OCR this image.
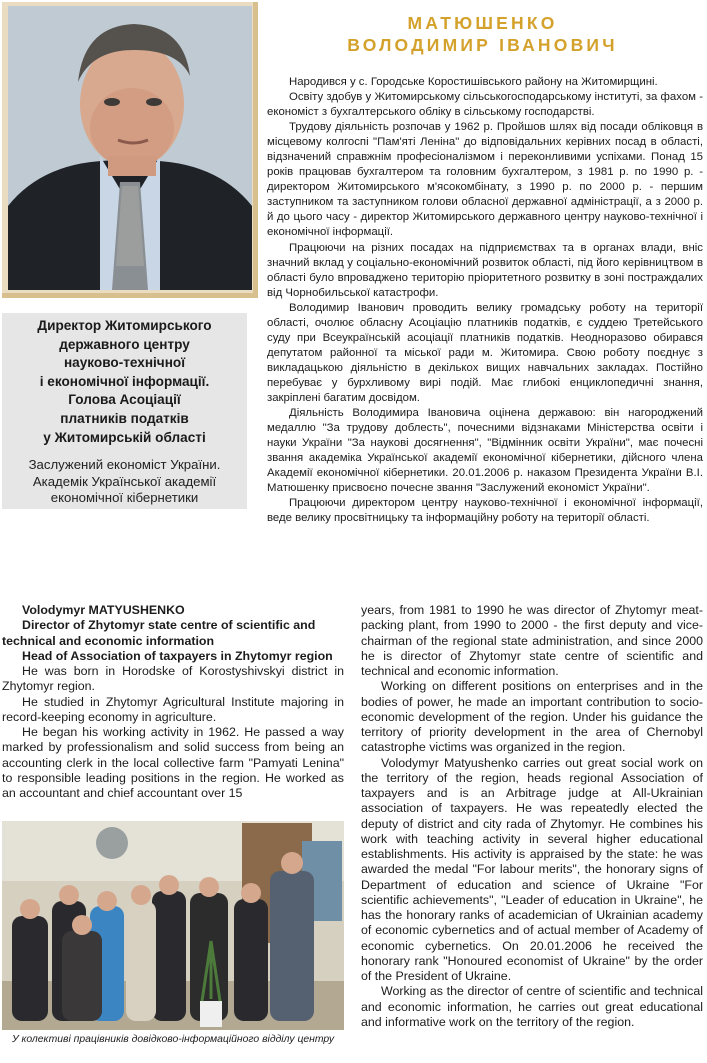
Директор Житомирського
державного центру
науково-технічної
і економічної інформації.
Голова Асоціації
платників податків
у Житомирській області
Заслужений економіст України.
Академік Української академії
економічної кібернетики
МАТЮШЕНКО
ВОЛОДИМИР ІВАНОВИЧ

Народився у с. Городське Коростишівського району на Житомирщині.

Освіту здобув у Житомирському сільськогосподарському інституті, за фахом - економіст з бухгалтерського обліку в сільському господарстві.

Трудову діяльність розпочав у 1962 р. Пройшов шлях від посади обліковця в місцевому колгоспі "Пам'яті Леніна" до відповідальних керівних посад в області, відзначений справжнім професіоналізмом і переконливими успіхами. Понад 15 років працював бухгалтером та головним бухгалтером, з 1981 р. по 1990 р. - директором Житомирського м'ясокомбінату, з 1990 р. по 2000 р. - першим заступником та заступником голови обласної державної адміністрації, а з 2000 р. й до цього часу - директор Житомирського державного центру науково-технічної і економічної інформації.

Працюючи на різних посадах на підприємствах та в органах влади, вніс значний вклад у соціально-економічний розвиток області, під його керівництвом в області було впроваджено територію пріоритетного розвитку в зоні постраждалих від Чорнобильської катастрофи.

Володимир Іванович проводить велику громадську роботу на території області, очолює обласну Асоціацію платників податків, є суддею Третейського суду при Всеукраїнській асоціації платників податків. Неодноразово обирався депутатом районної та міської ради м. Житомира. Свою роботу поєднує з викладацькою діяльністю в декількох вищих навчальних закладах. Постійно перебуває у бурхливому вирі подій. Має глибокі енциклопедичні знання, закріплені багатим досвідом.

Діяльність Володимира Івановича оцінена державою: він нагороджений медаллю "За трудову доблесть", почесними відзнаками Міністерства освіти і науки України "За наукові досягнення", "Відмінник освіти України", має почесні звання академіка Української академії економічної кібернетики, дійсного члена Академії економічної кібернетики. 20.01.2006 р. наказом Президента України В.І. Матюшенку присвоєно почесне звання "Заслужений економіст України".

Працюючи директором центру науково-технічної і економічної інформації, веде велику просвітницьку та інформаційну роботу на території області.

Volodymyr MATYUSHENKO

Director of Zhytomyr state centre of scientific and technical and economic information

Head of Association of taxpayers in Zhytomyr region

He was born in Horodske of Korostyshivskyi district in Zhytomyr region.

He studied in Zhytomyr Agricultural Institute majoring in record-keeping economy in agriculture.

He began his working activity in 1962. He passed a way marked by professionalism and solid success from being an accounting clerk in the local collective farm "Pamyati Lenina" to responsible leading positions in the region. He worked as an accountant and chief accountant over 15

years, from 1981 to 1990 he was director of Zhytomyr meat-packing plant, from 1990 to 2000 - the first deputy and vice-chairman of the regional state administration, and since 2000 he is director of Zhytomyr state centre of scientific and technical and economic information.

Working on different positions on enterprises and in the bodies of power, he made an important contribution to socio-economic development of the region. Under his guidance the territory of priority development in the area of Chernobyl catastrophe victims was organized in the region.

Volodymyr Matyushenko carries out great social work on the territory of the region, heads regional Association of taxpayers and is an Arbitrage judge at All-Ukrainian association of taxpayers. He was repeatedly elected the deputy of district and city rada of Zhytomyr. He combines his work with teaching activity in several higher educational establishments. His activity is appraised by the state: he was awarded the medal "For labour merits", the honorary signs of Department of education and science of Ukraine "For scientific achievements", "Leader of education in Ukraine", he has the honorary ranks of academician of Ukrainian academy of economic cybernetics and of actual member of Academy of economic cybernetics. On 20.01.2006 he received the honorary rank "Honoured economist of Ukraine" by the order of the President of Ukraine.

Working as the director of centre of scientific and technical and economic information, he carries out great educational and informative work on the territory of the region.

У колективі працівників довідково-інформаційного відділу центру
